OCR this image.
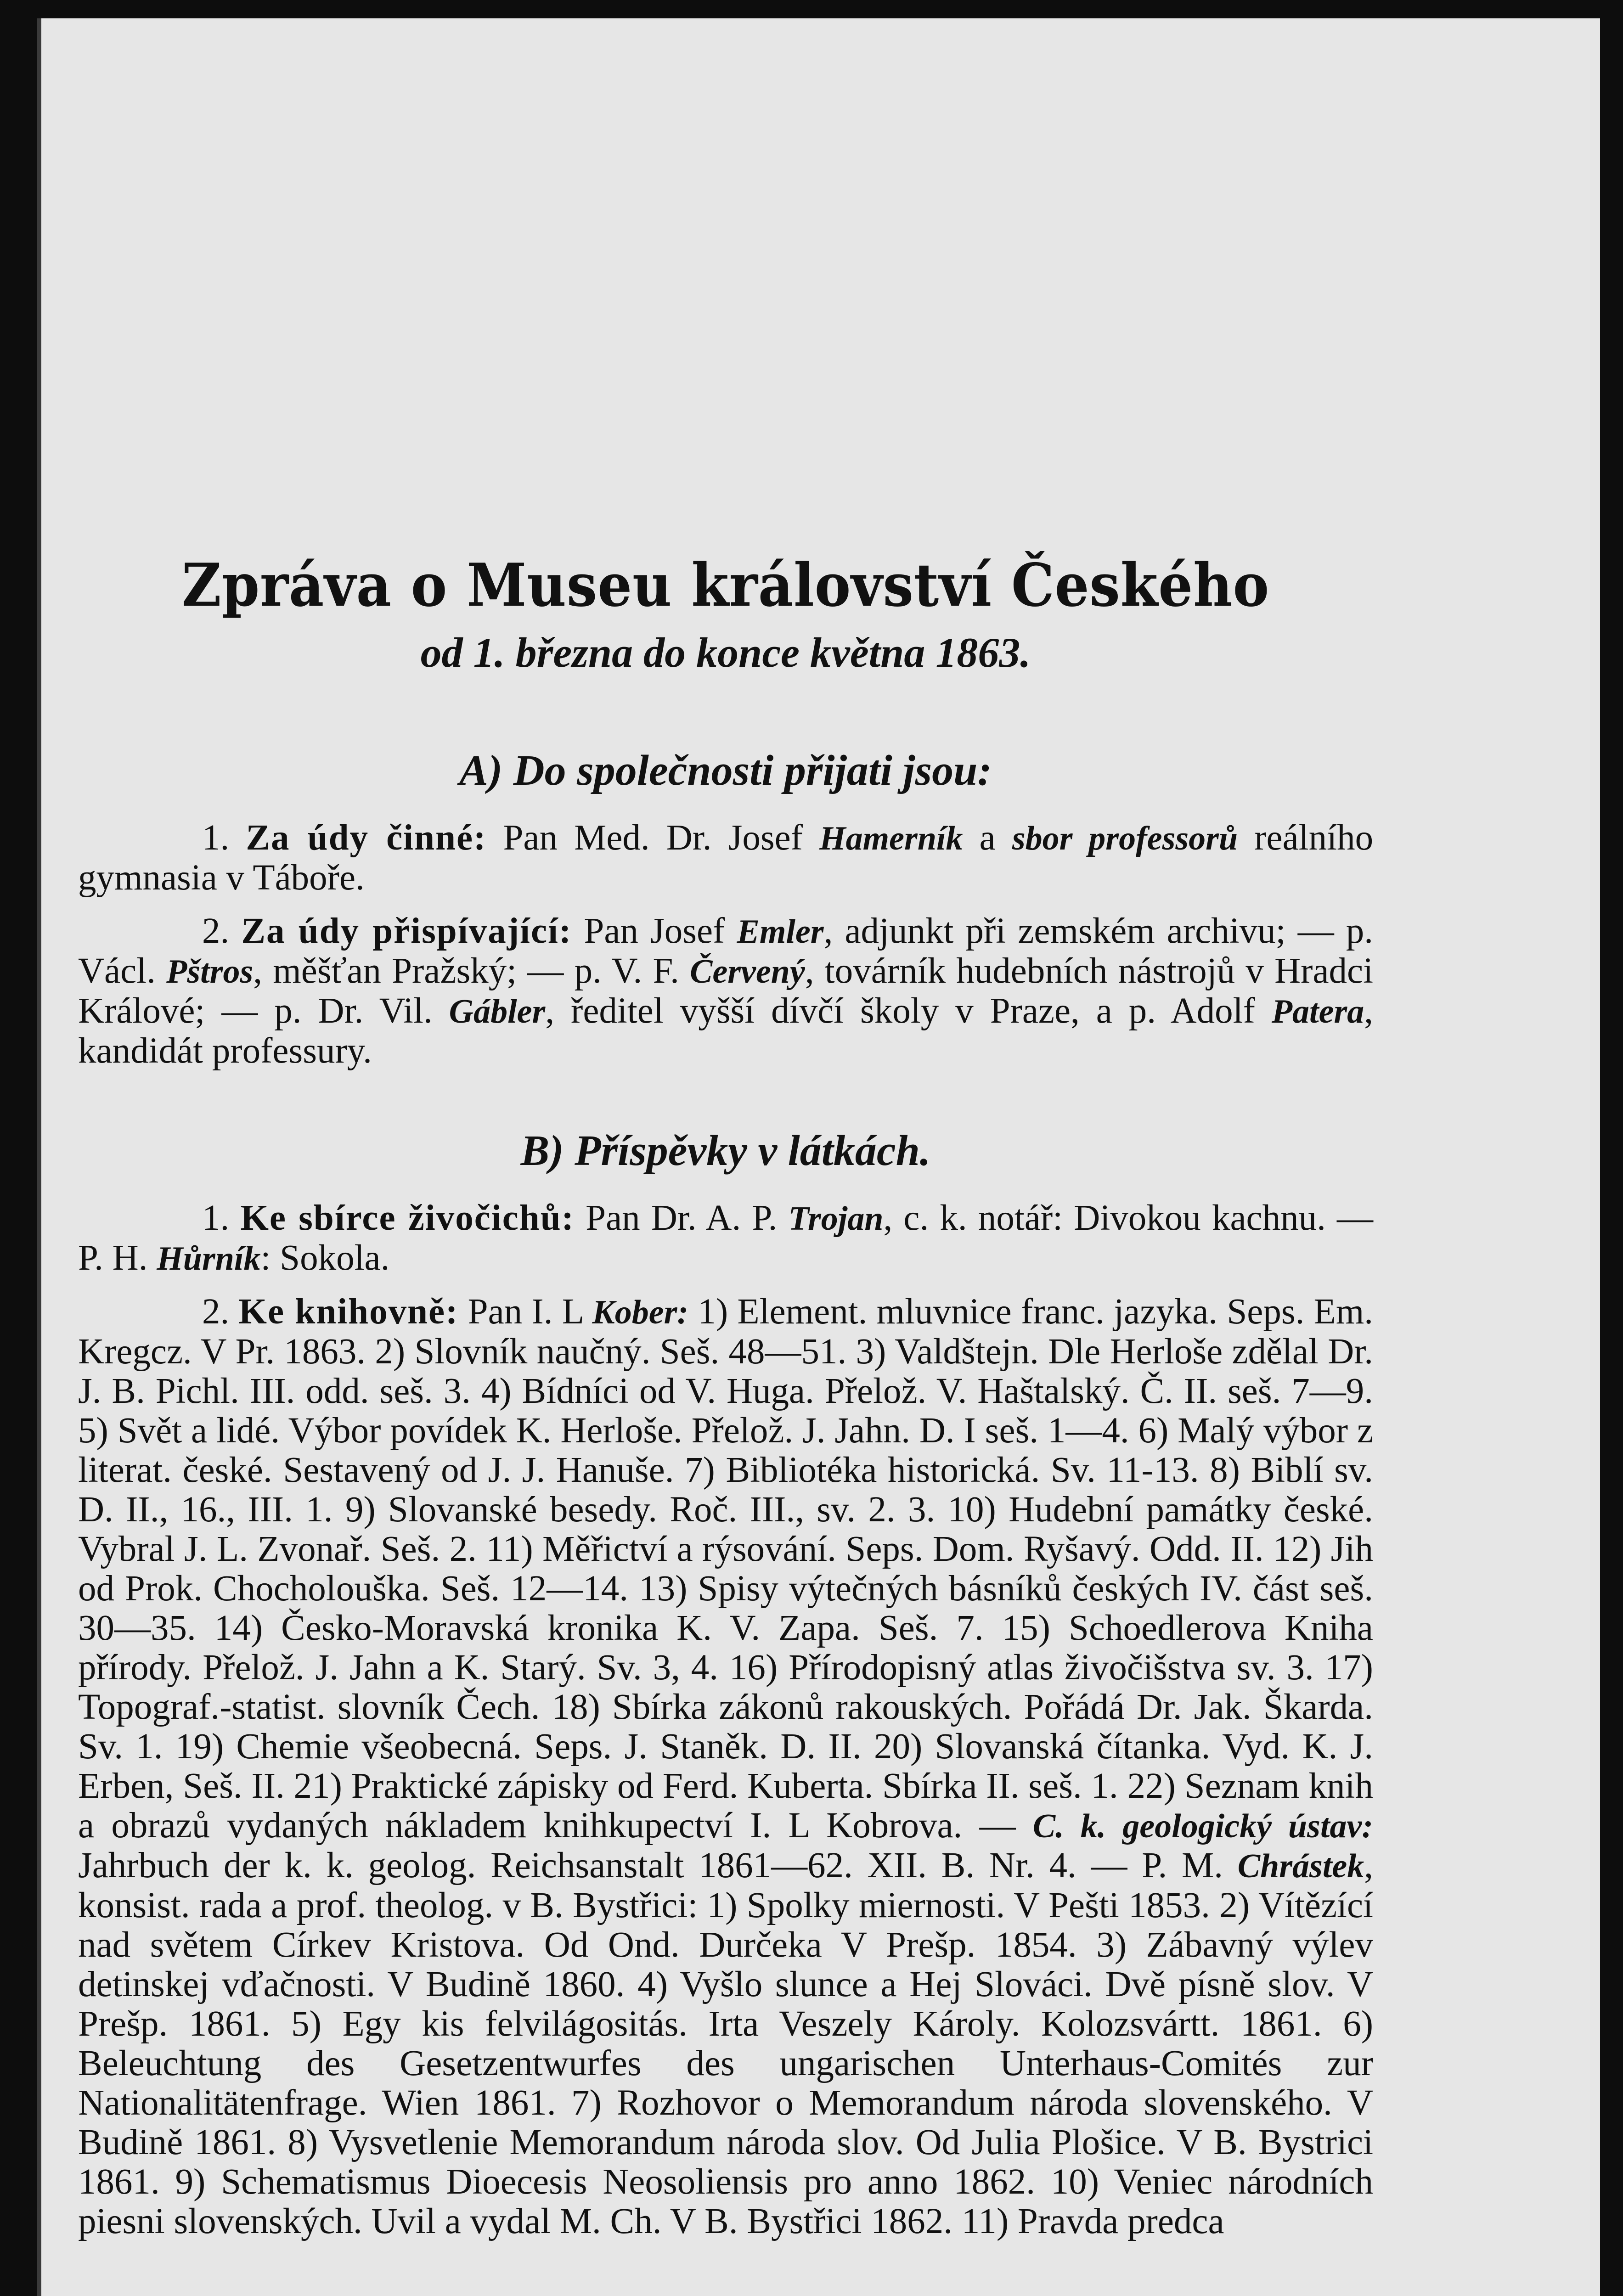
Zpráva o Museu království Českého
od 1. března do konce května 1863.
A) Do společnosti přijati jsou:

1. Za údy činné: Pan Med. Dr. Josef Hamerník a sbor professorů reálního gymnasia v Táboře.

2. Za údy přispívající: Pan Josef Emler, adjunkt při zemském archivu; — p. Václ. Pštros, měšťan Pražský; — p. V. F. Červený, továrník hudebních nástrojů v Hradci Králové; — p. Dr. Vil. Gábler, ředitel vyšší dívčí školy v Praze, a p. Adolf Patera, kandidát professury.

B) Příspěvky v látkách.

1. Ke sbírce živočichů: Pan Dr. A. P. Trojan, c. k. notář: Divokou kachnu. — P. H. Hůrník: Sokola.

2. Ke knihovně: Pan I. L Kober: 1) Element. mluvnice franc. jazyka. Seps. Em. Kregcz. V Pr. 1863. 2) Slovník naučný. Seš. 48—51. 3) Valdštejn. Dle Herloše zdělal Dr. J. B. Pichl. III. odd. seš. 3. 4) Bídníci od V. Huga. Přelož. V. Haštalský. Č. II. seš. 7—9. 5) Svět a lidé. Výbor povídek K. Herloše. Přelož. J. Jahn. D. I seš. 1—4. 6) Malý výbor z literat. české. Sestavený od J. J. Hanuše. 7) Bibliotéka historická. Sv. 11-13. 8) Biblí sv. D. II., 16., III. 1. 9) Slovanské besedy. Roč. III., sv. 2. 3. 10) Hudební památky české. Vybral J. L. Zvonař. Seš. 2. 11) Měřictví a rýsování. Seps. Dom. Ryšavý. Odd. II. 12) Jih od Prok. Chocholouška. Seš. 12—14. 13) Spisy výtečných básníků českých IV. část seš. 30—35. 14) Česko-Moravská kronika K. V. Zapa. Seš. 7. 15) Schoedlerova Kniha přírody. Přelož. J. Jahn a K. Starý. Sv. 3, 4. 16) Přírodopisný atlas živočišstva sv. 3. 17) Topograf.-statist. slovník Čech. 18) Sbírka zákonů rakouských. Pořádá Dr. Jak. Škarda. Sv. 1. 19) Chemie všeobecná. Seps. J. Staněk. D. II. 20) Slovanská čítanka. Vyd. K. J. Erben, Seš. II. 21) Praktické zápisky od Ferd. Kuberta. Sbírka II. seš. 1. 22) Seznam knih a obrazů vydaných nákladem knihkupectví I. L Kobrova. — C. k. geologický ústav: Jahrbuch der k. k. geolog. Reichsanstalt 1861—62. XII. B. Nr. 4. — P. M. Chrástek, konsist. rada a prof. theolog. v B. Bystřici: 1) Spolky miernosti. V Pešti 1853. 2) Vítězící nad světem Církev Kristova. Od Ond. Durčeka V Prešp. 1854. 3) Zábavný výlev detinskej vďačnosti. V Budině 1860. 4) Vyšlo slunce a Hej Slováci. Dvě písně slov. V Prešp. 1861. 5) Egy kis felvilágositás. Irta Veszely Károly. Kolozsvártt. 1861. 6) Beleuchtung des Gesetzentwurfes des ungarischen Unterhaus-Comités zur Nationalitätenfrage. Wien 1861. 7) Rozhovor o Memorandum národa slovenského. V Budině 1861. 8) Vysvetlenie Memorandum národa slov. Od Julia Plošice. V B. Bystrici 1861. 9) Schematismus Dioecesis Neosoliensis pro anno 1862. 10) Veniec národních piesni slovenských. Uvil a vydal M. Ch. V B. Bystřici 1862. 11) Pravda predca
